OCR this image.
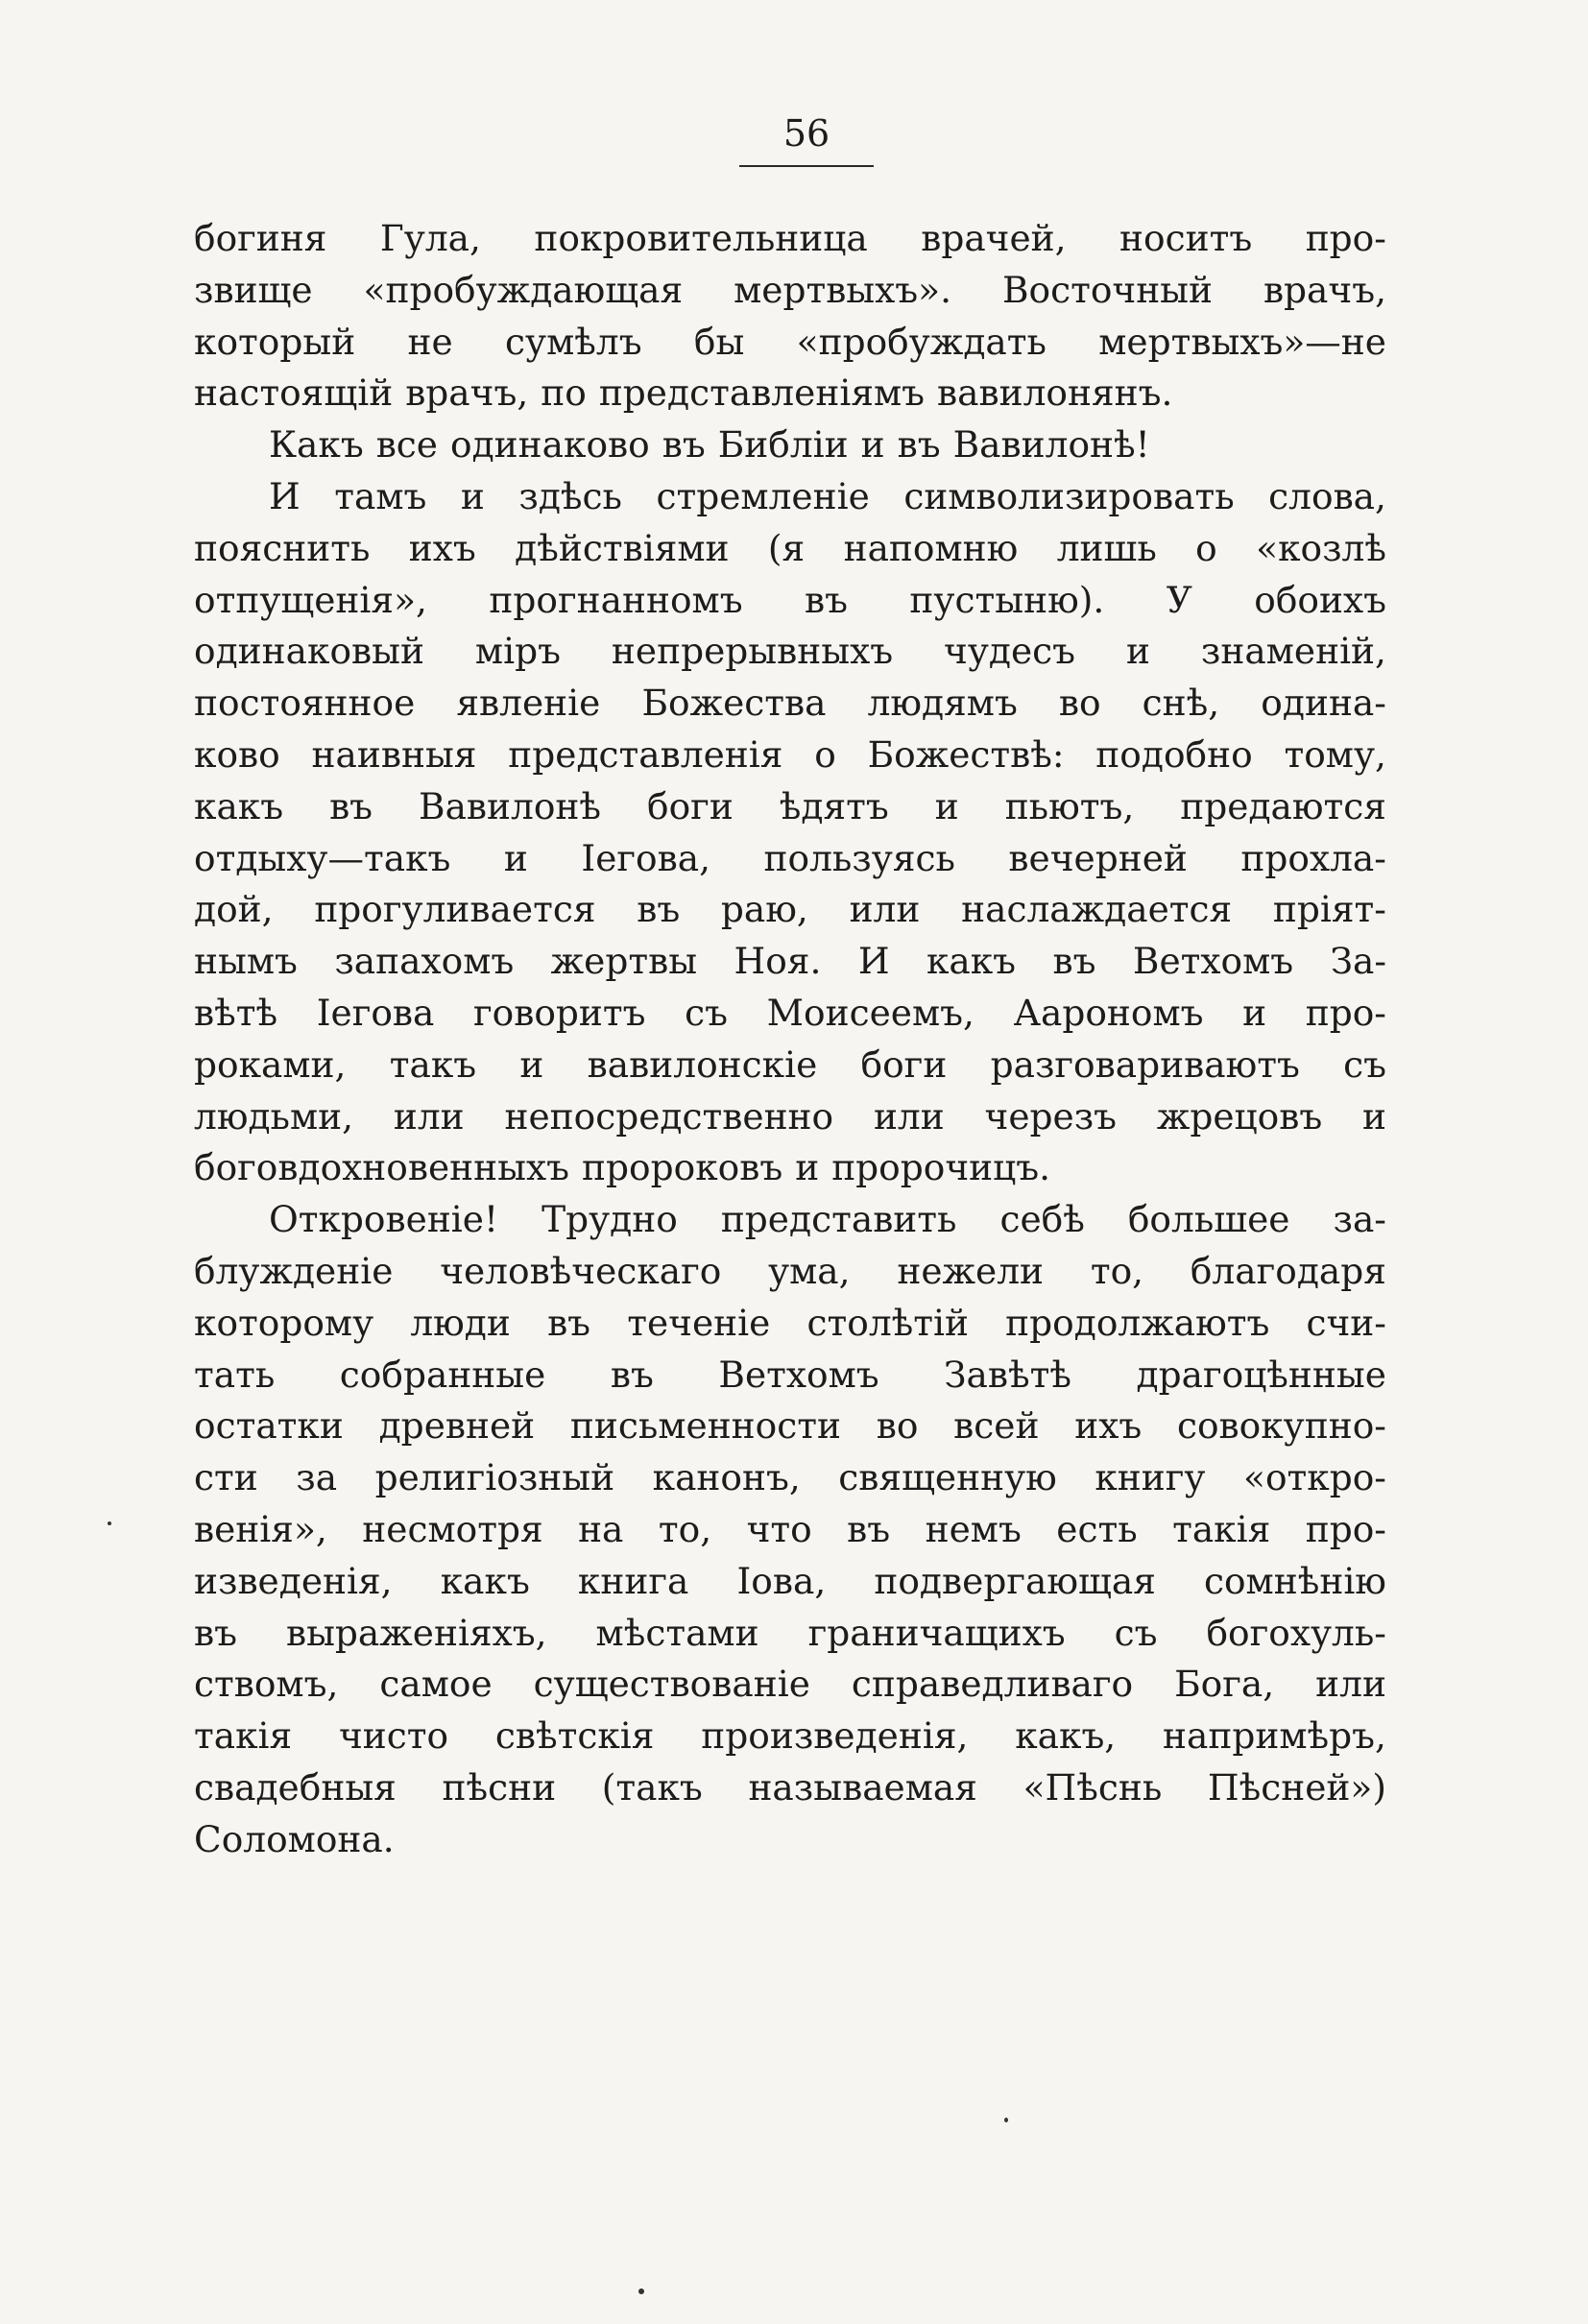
56
богиня Гула, покровительница врачей, носитъ про-
звище «пробуждающая мертвыхъ». Восточный врачъ,
который не сумѣлъ бы «пробуждать мертвыхъ»—не
настоящій врачъ, по представленіямъ вавилонянъ.
Какъ все одинаково въ Библіи и въ Вавилонѣ!
И тамъ и здѣсь стремленіе символизировать слова,
пояснить ихъ дѣйствіями (я напомню лишь о «козлѣ
отпущенія», прогнанномъ въ пустыню). У обоихъ
одинаковый міръ непрерывныхъ чудесъ и знаменій,
постоянное явленіе Божества людямъ во снѣ, одина-
ково наивныя представленія о Божествѣ: подобно тому,
какъ въ Вавилонѣ боги ѣдятъ и пьютъ, предаются
отдыху—такъ и Іегова, пользуясь вечерней прохла-
дой, прогуливается въ раю, или наслаждается пріят-
нымъ запахомъ жертвы Ноя. И какъ въ Ветхомъ За-
вѣтѣ Іегова говоритъ съ Моисеемъ, Аарономъ и про-
роками, такъ и вавилонскіе боги разговариваютъ съ
людьми, или непосредственно или черезъ жрецовъ и
боговдохновенныхъ пророковъ и пророчицъ.
Откровеніе! Трудно представить себѣ большее за-
блужденіе человѣческаго ума, нежели то, благодаря
которому люди въ теченіе столѣтій продолжаютъ счи-
тать собранные въ Ветхомъ Завѣтѣ драгоцѣнные
остатки древней письменности во всей ихъ совокупно-
сти за религіозный канонъ, священную книгу «откро-
венія», несмотря на то, что въ немъ есть такія про-
изведенія, какъ книга Іова, подвергающая сомнѣнію
въ выраженіяхъ, мѣстами граничащихъ съ богохуль-
ствомъ, самое существованіе справедливаго Бога, или
такія чисто свѣтскія произведенія, какъ, напримѣръ,
свадебныя пѣсни (такъ называемая «Пѣснь Пѣсней»)
Соломона.
